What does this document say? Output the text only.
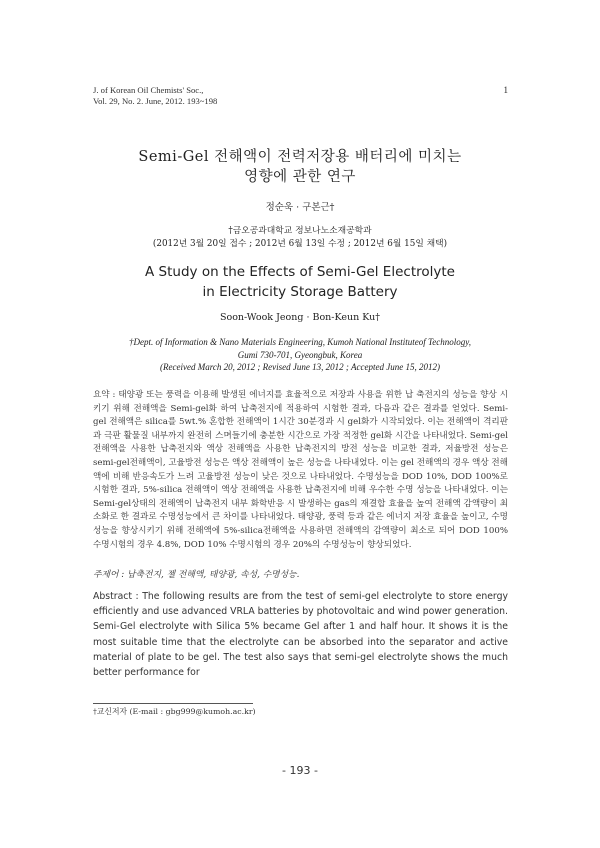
J. of Korean Oil Chemists' Soc.,
Vol. 29, No. 2. June, 2012. 193~198
1
Semi-Gel 전해액이 전력저장용 배터리에 미치는
영향에 관한 연구
정순욱 · 구본근†
†금오공과대학교 정보나노소재공학과
(2012년 3월 20일 접수 ; 2012년 6월 13일 수정 ; 2012년 6월 15일 채택)
A Study on the Effects of Semi-Gel Electrolyte
in Electricity Storage Battery
Soon-Wook Jeong · Bon-Keun Ku†
†Dept. of Information & Nano Materials Engineering, Kumoh National Instituteof Technology,
Gumi 730-701, Gyeongbuk, Korea
(Received March 20, 2012 ; Revised June 13, 2012 ; Accepted June 15, 2012)

요약 : 태양광 또는 풍력을 이용해 발생된 에너지를 효율적으로 저장과 사용을 위한 납 축전지의 성능을 향상 시키기 위해 전해액을 Semi-gel화 하여 납축전지에 적용하여 시험한 결과, 다음과 같은 결과를 얻었다. Semi-gel 전해액은 silica를 5wt.% 혼합한 전해액이 1시간 30분경과 시 gel화가 시작되었다. 이는 전해액이 격리판과 극판 활물질 내부까지 완전히 스며들기에 충분한 시간으로 가장 적정한 gel화 시간을 나타내었다. Semi-gel 전해액을 사용한 납축전지와 액상 전해액을 사용한 납축전지의 방전 성능을 비교한 결과, 저율방전 성능은 semi-gel전해액이, 고율방전 성능은 액상 전해액이 높은 성능을 나타내었다. 이는 gel 전해액의 경우 액상 전해액에 비해 반응속도가 느려 고율방전 성능이 낮은 것으로 나타내었다. 수명성능을 DOD 10%, DOD 100%로 시험한 결과, 5%-silica 전해액이 액상 전해액을 사용한 납축전지에 비해 우수한 수명 성능을 나타내었다. 이는 Semi-gel상태의 전해액이 납축전지 내부 화학반응 시 발생하는 gas의 재결합 효율을 높여 전해액 감액량이 최소화로 한 결과로 수명성능에서 큰 차이를 나타내었다. 태양광, 풍력 등과 같은 에너지 저장 효율을 높이고, 수명성능을 향상시키기 위해 전해액에 5%-silica전해액을 사용하면 전해액의 감액량이 최소로 되어 DOD 100% 수명시험의 경우 4.8%, DOD 10% 수명시험의 경우 20%의 수명성능이 향상되었다.

주제어 : 납축전지, 젤 전해액, 태양광, 속성, 수명성능.

Abstract : The following results are from the test of semi-gel electrolyte to store energy efficiently and use advanced VRLA batteries by photovoltaic and wind power generation. Semi-Gel electrolyte with Silica 5% became Gel after 1 and half hour. It shows it is the most suitable time that the electrolyte can be absorbed into the separator and active material of plate to be gel. The test also says that semi-gel electrolyte shows the much better performance for

†교신저자 (E-mail : gbg999@kumoh.ac.kr)
- 193 -
